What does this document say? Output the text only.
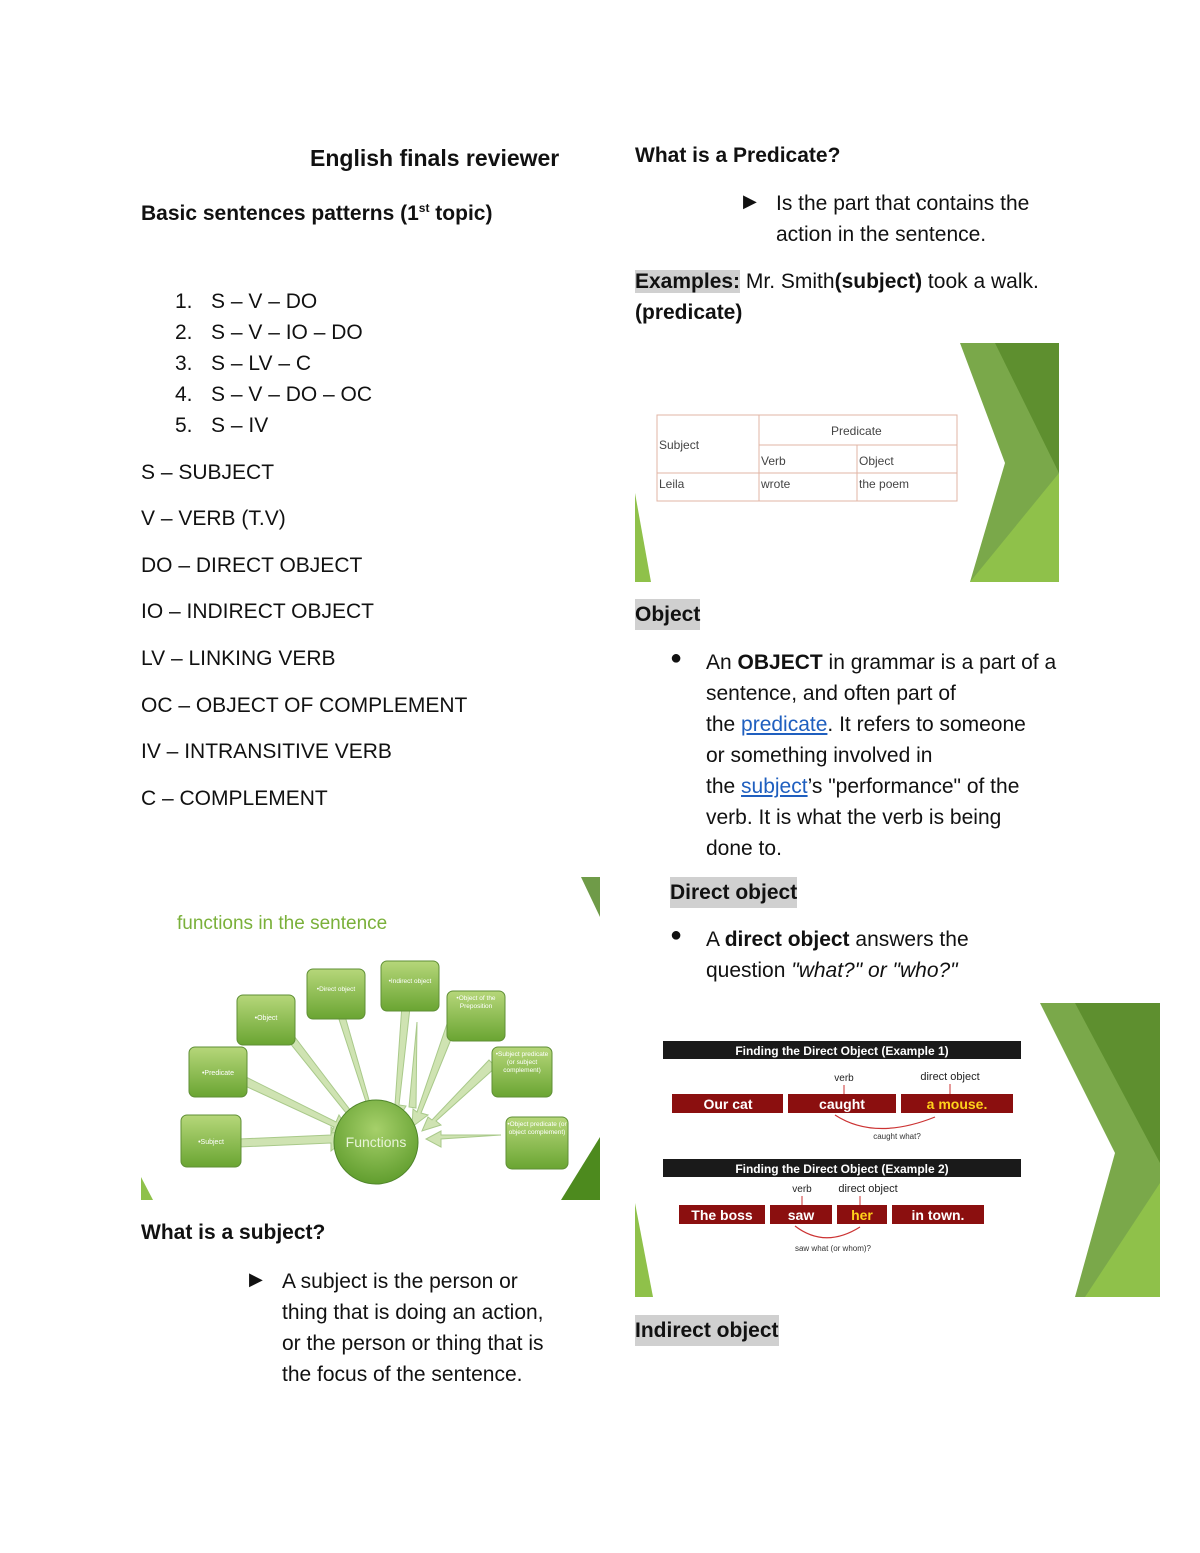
English finals reviewer
Basic sentences patterns (1st topic)
1. S – V – DO
2. S – V – IO – DO
3. S – LV – C
4. S – V – DO – OC
5. S – IV
S – SUBJECT
V – VERB (T.V)
DO – DIRECT OBJECT
IO – INDIRECT OBJECT
LV – LINKING VERB
OC – OBJECT OF COMPLEMENT
IV – INTRANSITIVE VERB
C – COMPLEMENT
functions in the sentence
•Subject
•Predicate
•Object
•Direct object
•Indirect object
•Object of the Preposition
•Subject predicate (or subject complement)
•Object predicate (or object complement)
Functions
What is a subject?
▶ A subject is the person or

thing that is doing an action,

or the person or thing that is

the focus of the sentence.

What is a Predicate?
▶ Is the part that contains the

action in the sentence.

Examples: Mr. Smith(subject) took a walk.

(predicate)

Subject
Predicate
Verb	Object
Leila	wrote	the poem
Object
● An OBJECT in grammar is a part of a

sentence, and often part of

the predicate. It refers to someone

or something involved in

the subject’s "performance" of the

verb. It is what the verb is being

done to.

Direct object
● A direct object answers the

question "what?" or "who?"

Finding the Direct Object (Example 1)
verb	direct object
Our cat	caught	a mouse.
caught what?
Finding the Direct Object (Example 2)
verb direct object
The boss	saw	her	in town.
saw what (or whom)?
Indirect object
